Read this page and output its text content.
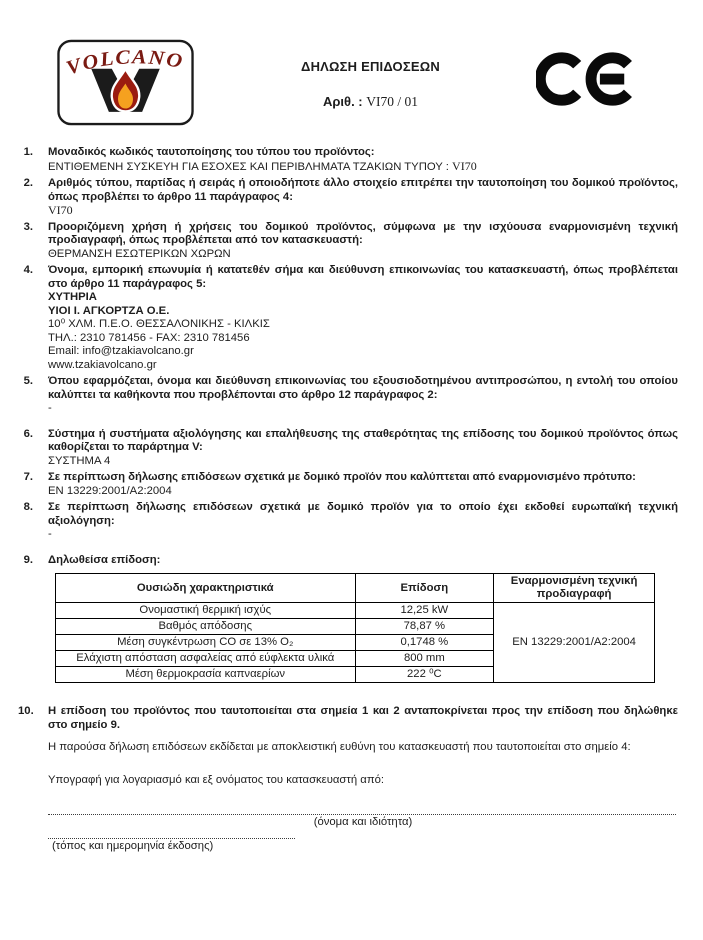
VOLCANO	ΔΗΛΩΣΗ ΕΠΙΔΟΣΕΩΝ
Αριθ. : VI70 / 01
1.	Μοναδικός κωδικός ταυτοποίησης του τύπου του προϊόντος:
ΕΝΤΙΘΕΜΕΝΗ ΣΥΣΚΕΥΗ ΓΙΑ ΕΣΟΧΕΣ ΚΑΙ ΠΕΡΙΒΛΗΜΑΤΑ ΤΖΑΚΙΩΝ ΤΥΠΟΥ : VI70
2.	Αριθμός τύπου, παρτίδας ή σειράς ή οποιοδήποτε άλλο στοιχείο επιτρέπει την ταυτοποίηση του δομικού προϊόντος, όπως προβλέπει το άρθρο 11 παράγραφος 4:
VI70
3.	Προοριζόμενη χρήση ή χρήσεις του δομικού προϊόντος, σύμφωνα με την ισχύουσα εναρμονισμένη τεχνική προδιαγραφή, όπως προβλέπεται από τον κατασκευαστή:
ΘΕΡΜΑΝΣΗ ΕΣΩΤΕΡΙΚΩΝ ΧΩΡΩΝ
4.	Όνομα, εμπορική επωνυμία ή κατατεθέν σήμα και διεύθυνση επικοινωνίας του κατασκευαστή, όπως προβλέπεται στο άρθρο 11 παράγραφος 5:
ΧΥΤΗΡΙΑ
ΥΙΟΙ Ι. ΑΓΚΟΡΤΖΑ Ο.Ε.
10⁰ ΧΛΜ. Π.Ε.Ο. ΘΕΣΣΑΛΟΝΙΚΗΣ - ΚΙΛΚΙΣ
ΤΗΛ.: 2310 781456 - FAX: 2310 781456
Email: info@tzakiavolcano.gr
www.tzakiavolcano.gr
5.	Όπου εφαρμόζεται, όνομα και διεύθυνση επικοινωνίας του εξουσιοδοτημένου αντιπροσώπου, η εντολή του οποίου καλύπτει τα καθήκοντα που προβλέπονται στο άρθρο 12 παράγραφος 2:
-
6.	Σύστημα ή συστήματα αξιολόγησης και επαλήθευσης της σταθερότητας της επίδοσης του δομικού προϊόντος όπως καθορίζεται το παράρτημα V:
ΣΥΣΤΗΜΑ 4
7.	Σε περίπτωση δήλωσης επιδόσεων σχετικά με δομικό προϊόν που καλύπτεται από εναρμονισμένο πρότυπο:
EN 13229:2001/A2:2004
8.	Σε περίπτωση δήλωσης επιδόσεων σχετικά με δομικό προϊόν για το οποίο έχει εκδοθεί ευρωπαϊκή τεχνική αξιολόγηση:
-
9.	Δηλωθείσα επίδοση:
Ουσιώδη χαρακτηριστικά	Επίδοση	Εναρμονισμένη τεχνική προδιαγραφή
Ονομαστική θερμική ισχύς	12,25 kW	EN 13229:2001/A2:2004
Βαθμός απόδοσης	78,87 %	
Μέση συγκέντρωση CO σε 13% O₂	0,1748 %	
Ελάχιστη απόσταση ασφαλείας από εύφλεκτα υλικά	800 mm	
Μέση θερμοκρασία καπναερίων	222 ⁰C	
10.	Η επίδοση του προϊόντος που ταυτοποιείται στα σημεία 1 και 2 ανταποκρίνεται προς την επίδοση που δηλώθηκε στο σημείο 9.
Η παρούσα δήλωση επιδόσεων εκδίδεται με αποκλειστική ευθύνη του κατασκευαστή που ταυτοποιείται στο σημείο 4:
Υπογραφή για λογαριασμό και εξ ονόματος του κατασκευαστή από:
(όνομα και ιδιότητα)
(τόπος και ημερομηνία έκδοσης)
